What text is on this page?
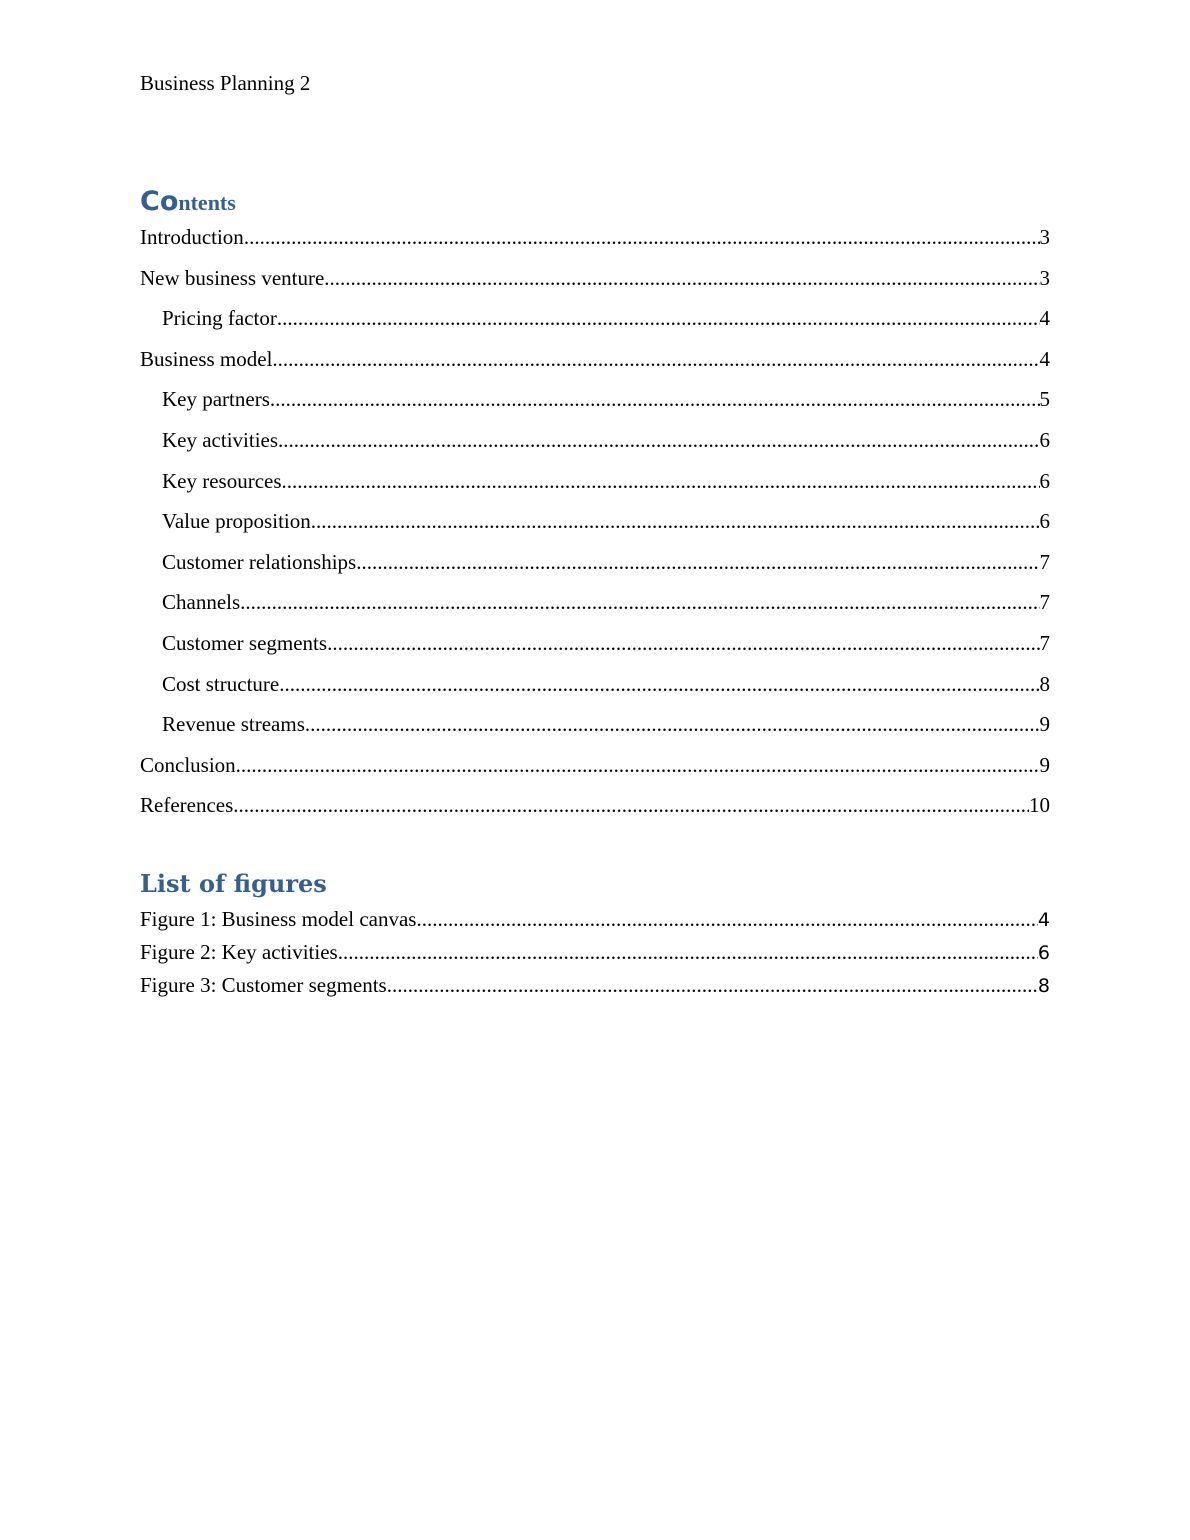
Business Planning 2
Contents
Introduction .....	3
New business venture .....	3
Pricing factor .....	4
Business model .....	4
Key partners .....	5
Key activities .....	6
Key resources .....	6
Value proposition .....	6
Customer relationships .....	7
Channels .....	7
Customer segments .....	7
Cost structure .....	8
Revenue streams .....	9
Conclusion .....	9
References .....	10
List of figures
Figure 1: Business model canvas .....	4
Figure 2: Key activities .....	6
Figure 3: Customer segments .....	8
